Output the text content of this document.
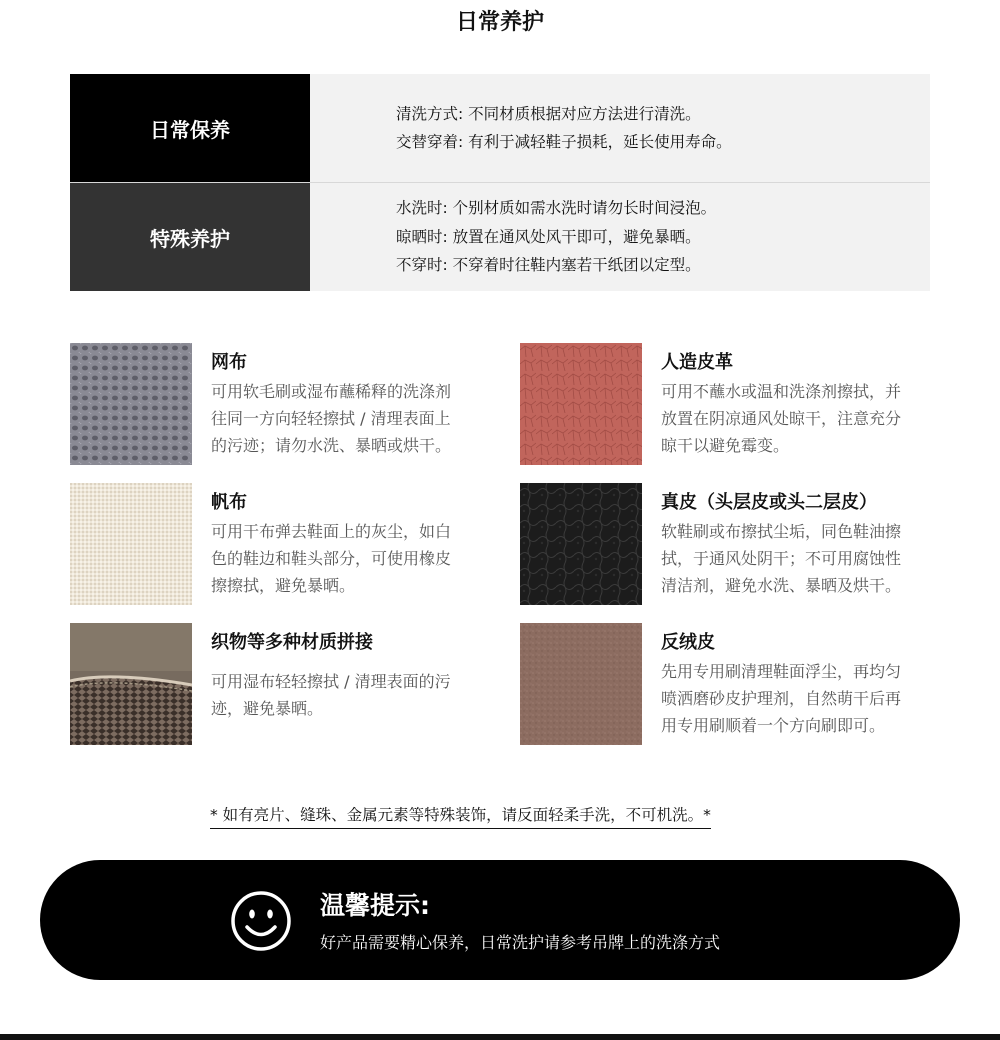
日常养护
日常保养
清洗方式: 不同材质根据对应方法进行清洗。
交替穿着: 有利于减轻鞋子损耗，延长使用寿命。
特殊养护
水洗时: 个别材质如需水洗时请勿长时间浸泡。
晾晒时: 放置在通风处风干即可，避免暴晒。
不穿时: 不穿着时往鞋内塞若干纸团以定型。
网布
可用软毛刷或湿布蘸稀释的洗涤剂
往同一方向轻轻擦拭 / 清理表面上
的污迹；请勿水洗、暴晒或烘干。
人造皮革
可用不蘸水或温和洗涤剂擦拭，并
放置在阴凉通风处晾干，注意充分
晾干以避免霉变。
帆布
可用干布弹去鞋面上的灰尘，如白
色的鞋边和鞋头部分，可使用橡皮
擦擦拭，避免暴晒。
真皮（头层皮或头二层皮）
软鞋刷或布擦拭尘垢，同色鞋油擦
拭，于通风处阴干；不可用腐蚀性
清洁剂，避免水洗、暴晒及烘干。
织物等多种材质拼接
可用湿布轻轻擦拭 / 清理表面的污
迹，避免暴晒。
反绒皮
先用专用刷清理鞋面浮尘，再均匀
喷洒磨砂皮护理剂，自然萌干后再
用专用刷顺着一个方向刷即可。
* 如有亮片、缝珠、金属元素等特殊装饰，请反面轻柔手洗，不可机洗。*
温馨提示:
好产品需要精心保养，日常洗护请参考吊牌上的洗涤方式
